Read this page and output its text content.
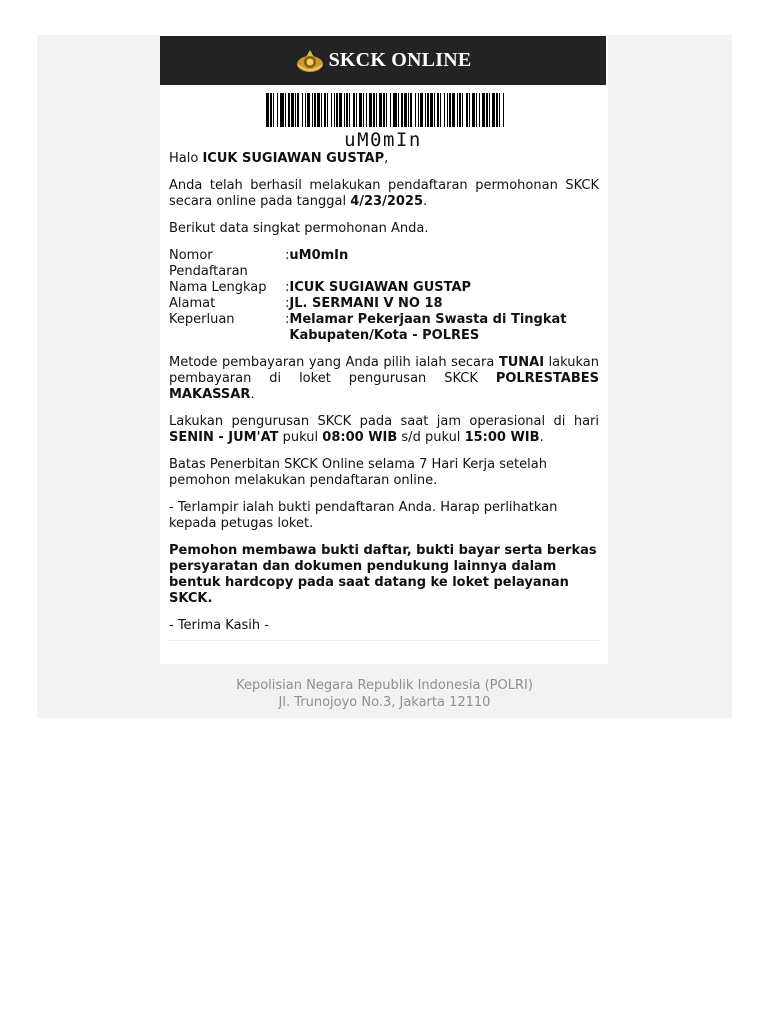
SKCK ONLINE
uM0mIn

Halo ICUK SUGIAWAN GUSTAP,

Anda telah berhasil melakukan pendaftaran permohonan SKCK secara online pada tanggal 4/23/2025.

Berikut data singkat permohonan Anda.

Nomor Pendaftaran	:	uM0mIn
Nama Lengkap	:	ICUK SUGIAWAN GUSTAP
Alamat	:	JL. SERMANI V NO 18
Keperluan	:	Melamar Pekerjaan Swasta di Tingkat Kabupaten/Kota - POLRES

Metode pembayaran yang Anda pilih ialah secara TUNAI lakukan pembayaran di loket pengurusan SKCK POLRESTABES MAKASSAR.

Lakukan pengurusan SKCK pada saat jam operasional di hari SENIN - JUM'AT pukul 08:00 WIB s/d pukul 15:00 WIB.

Batas Penerbitan SKCK Online selama 7 Hari Kerja setelah pemohon melakukan pendaftaran online.

- Terlampir ialah bukti pendaftaran Anda. Harap perlihatkan kepada petugas loket.

Pemohon membawa bukti daftar, bukti bayar serta berkas persyaratan dan dokumen pendukung lainnya dalam bentuk hardcopy pada saat datang ke loket pelayanan SKCK.

- Terima Kasih -

Kepolisian Negara Republik Indonesia (POLRI)
Jl. Trunojoyo No.3, Jakarta 12110
